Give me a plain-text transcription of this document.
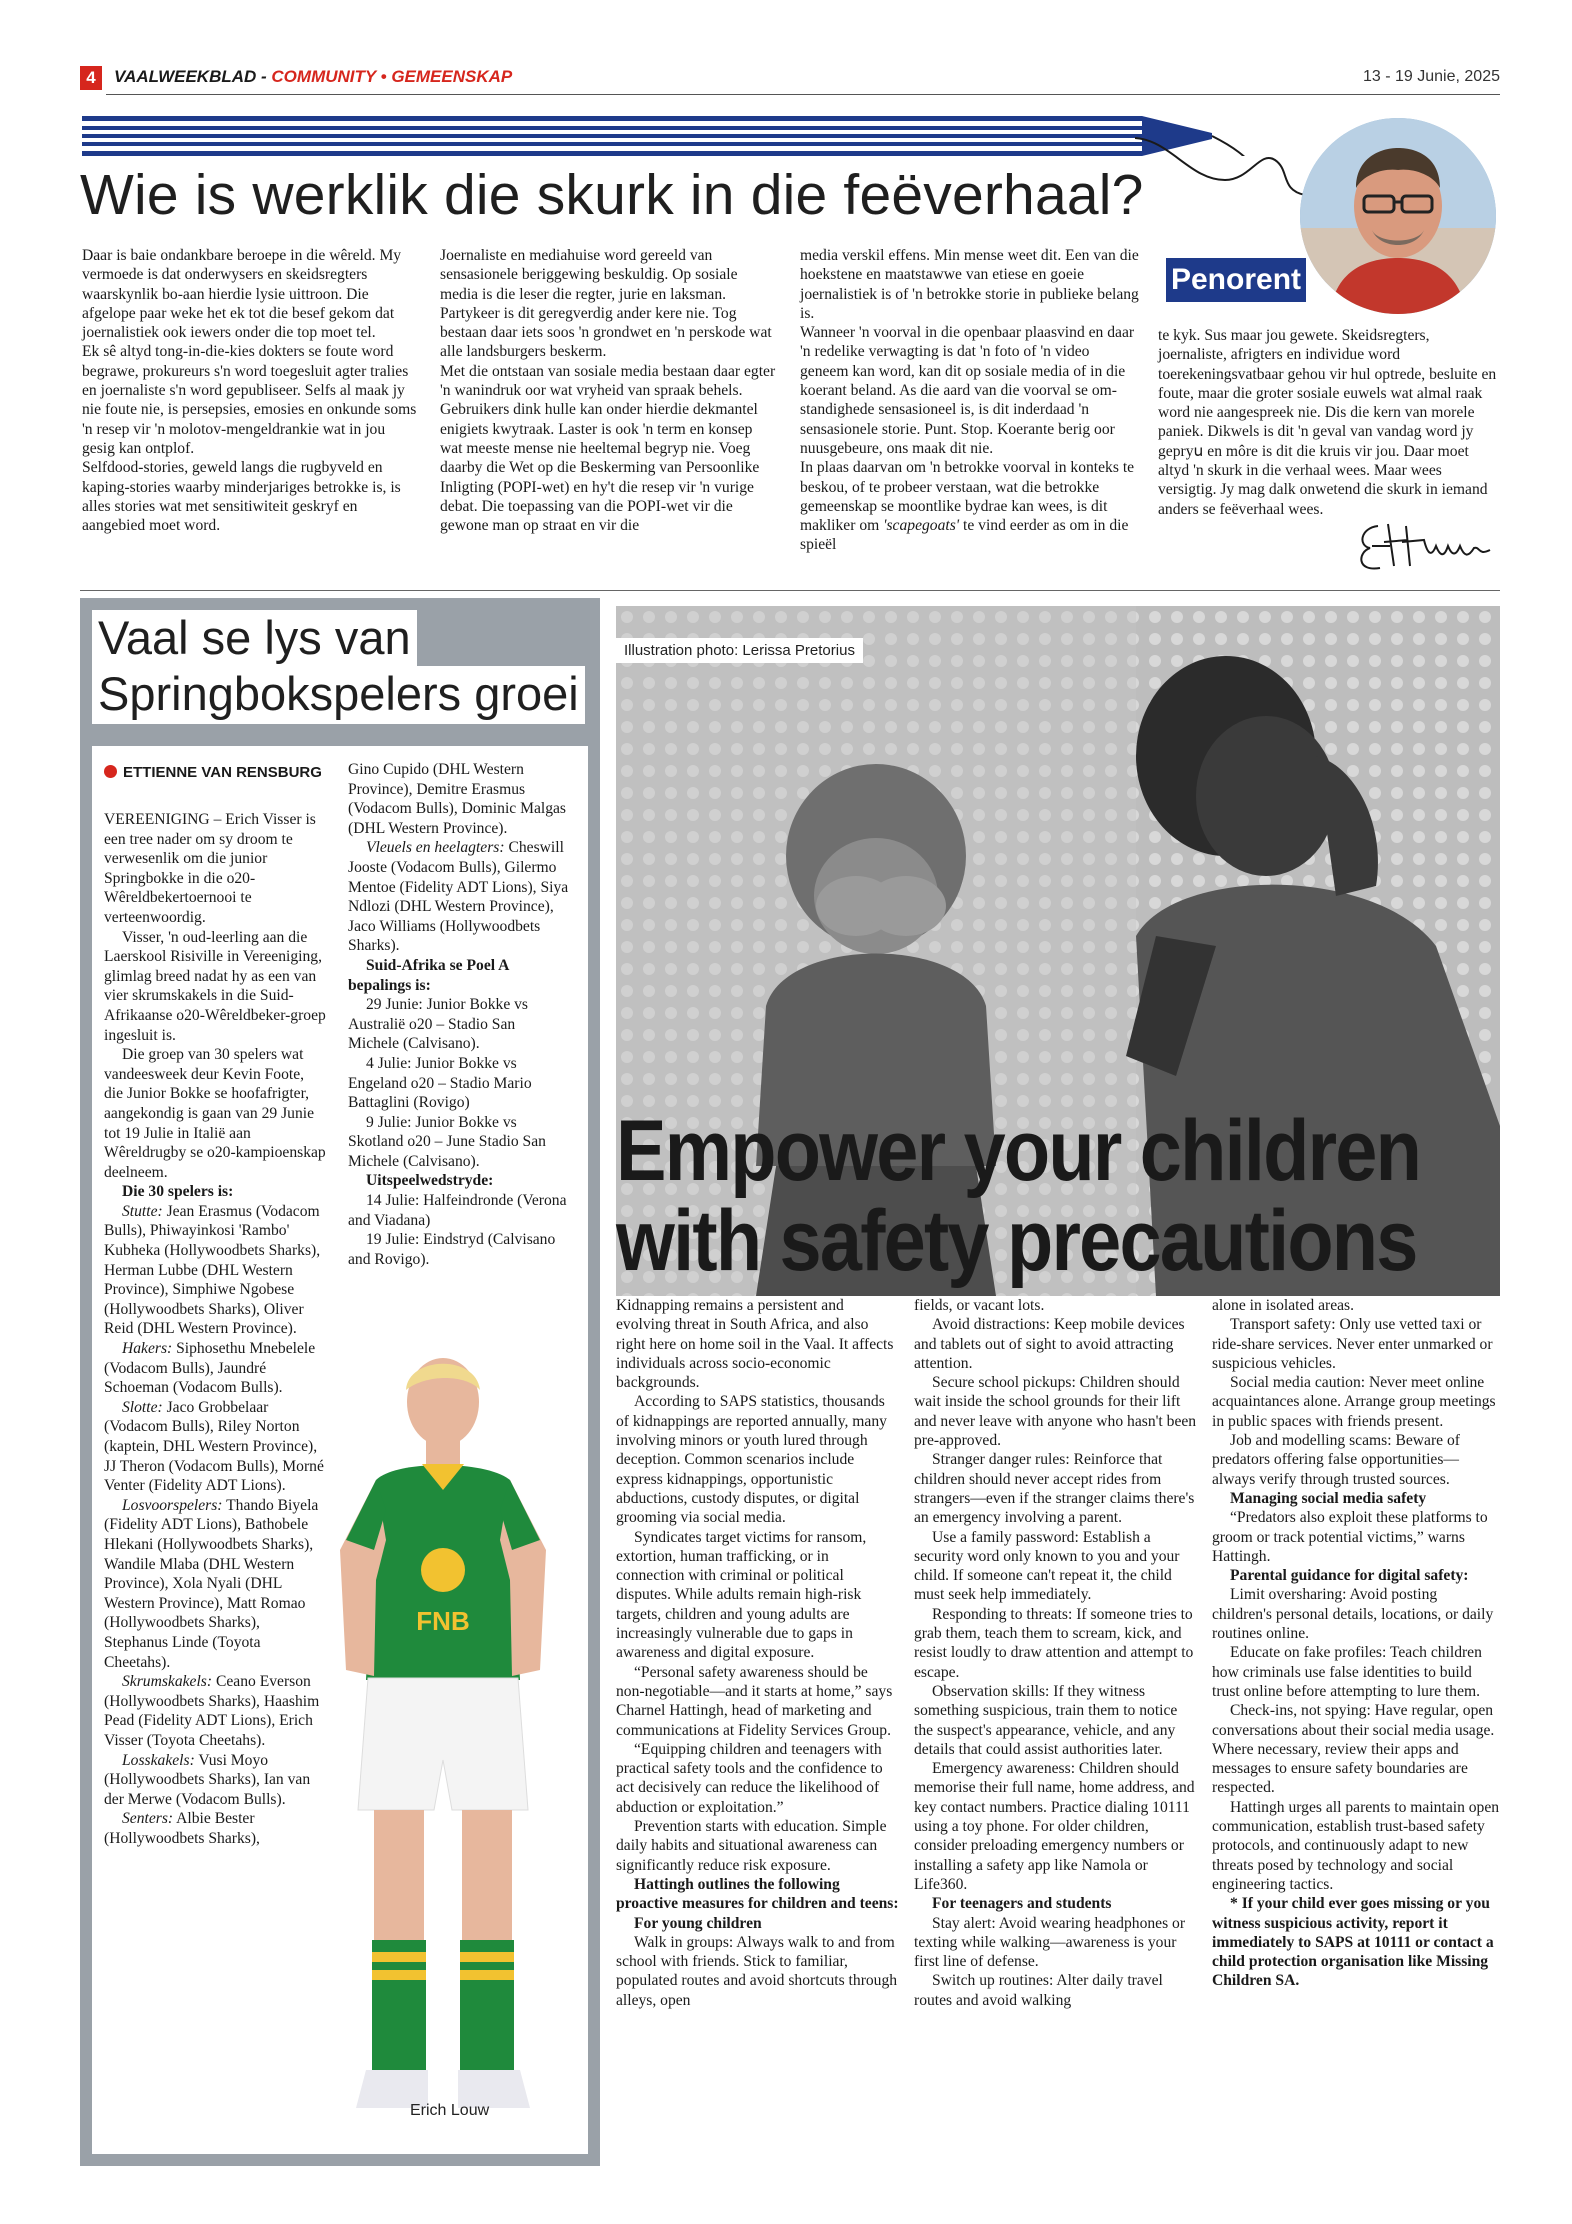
4	VAALWEEKBLAD - COMMUNITY • GEMEENSKAP	13 - 19 Junie, 2025
Penorent
Wie is werklik die skurk in die feëverhaal?

Daar is baie ondankbare beroepe in die wêreld. My vermoede is dat onderwysers en skeidsregters waarskynlik bo-aan hierdie lysie uittroon. Die afgelope paar weke het ek tot die besef gekom dat joernalistiek ook iewers onder die top moet tel.

Ek sê altyd tong-in-die-kies dokters se foute word begrawe, prokureurs s'n word toegesluit agter tralies en joernaliste s'n word gepubliseer. Selfs al maak jy nie foute nie, is persepsies, emosies en onkunde soms 'n resep vir 'n molotov-mengeldrankie wat in jou gesig kan ontplof.

Selfdood-stories, geweld langs die rugbyveld en kaping-stories waarby minderjariges betrokke is, is alles stories wat met sensitiwiteit geskryf en aangebied moet word.

Joernaliste en mediahuise word gereeld van sensasionele beriggewing beskuldig. Op sosiale media is die leser die regter, jurie en laksman. Partykeer is dit geregverdig ander kere nie. Tog bestaan daar iets soos 'n grondwet en 'n perskode wat alle landsburgers beskerm.

Met die ontstaan van sosiale media bestaan daar egter 'n wanindruk oor wat vryheid van spraak behels. Gebruikers dink hulle kan onder hierdie dekmantel enigiets kwytraak. Laster is ook 'n term en konsep wat meeste mense nie heeltemal begryp nie. Voeg daarby die Wet op die Beskerming van Persoonlike Inligting (POPI-wet) en hy't die resep vir 'n vurige debat. Die toepassing van die POPI-wet vir die gewone man op straat en vir die

media verskil effens. Min mense weet dit. Een van die hoekstene en maatstawwe van etiese en goeie joernalistiek is of 'n betrokke storie in publieke belang is.

Wanneer 'n voorval in die openbaar plaasvind en daar 'n redelike verwagting is dat 'n foto of 'n video geneem kan word, kan dit op sosiale media of in die koerant beland. As die aard van die voorval se om-standighede sensasioneel is, is dit inderdaad 'n sensasionele storie. Punt. Stop. Koerante berig oor nuusgebeure, ons maak dit nie.

In plaas daarvan om 'n betrokke voorval in konteks te beskou, of te probeer verstaan, wat die betrokke gemeenskap se moontlike bydrae kan wees, is dit makliker om 'scapegoats' te vind eerder as om in die spieël

te kyk. Sus maar jou gewete. Skeidsregters, joernaliste, afrigters en individue word toerekeningsvatbaar gehou vir hul optrede, besluite en foute, maar die groter sosiale euwels wat almal raak word nie aangespreek nie. Dis die kern van morele paniek. Dikwels is dit 'n geval van vandag word jy gepryս en môre is dit die kruis vir jou. Daar moet altyd 'n skurk in die verhaal wees. Maar wees versigtig. Jy mag dalk onwetend die skurk in iemand anders se feëverhaal wees.

Vaal se lys van
Springbokspelers groei
ETTIENNE VAN RENSBURG

VEREENIGING – Erich Visser is een tree nader om sy droom te verwesenlik om die junior Springbokke in die o20-Wêreldbekertoernooi te verteenwoordig.

Visser, 'n oud-leerling aan die Laerskool Risiville in Vereeniging, glimlag breed nadat hy as een van vier skrumskakels in die Suid-Afrikaanse o20-Wêreldbeker-groep ingesluit is.

Die groep van 30 spelers wat vandeesweek deur Kevin Foote, die Junior Bokke se hoofafrigter, aangekondig is gaan van 29 Junie tot 19 Julie in Italië aan Wêreldrugby se o20-kampioenskap deelneem.

Die 30 spelers is:

Stutte: Jean Erasmus (Vodacom Bulls), Phiwayinkosi 'Rambo' Kubheka (Hollywoodbets Sharks), Herman Lubbe (DHL Western Province), Simphiwe Ngobese (Hollywoodbets Sharks), Oliver Reid (DHL Western Province).

Hakers: Siphosethu Mnebelele (Vodacom Bulls), Jaundré Schoeman (Vodacom Bulls).

Slotte: Jaco Grobbelaar (Vodacom Bulls), Riley Norton (kaptein, DHL Western Province), JJ Theron (Vodacom Bulls), Morné Venter (Fidelity ADT Lions).

Losvoorspelers: Thando Biyela (Fidelity ADT Lions), Bathobele Hlekani (Hollywoodbets Sharks), Wandile Mlaba (DHL Western Province), Xola Nyali (DHL Western Province), Matt Romao (Hollywoodbets Sharks), Stephanus Linde (Toyota Cheetahs).

Skrumskakels: Ceano Everson (Hollywoodbets Sharks), Haashim Pead (Fidelity ADT Lions), Erich Visser (Toyota Cheetahs).

Losskakels: Vusi Moyo (Hollywoodbets Sharks), Ian van der Merwe (Vodacom Bulls).

Senters: Albie Bester (Hollywoodbets Sharks),

Gino Cupido (DHL Western Province), Demitre Erasmus (Vodacom Bulls), Dominic Malgas (DHL Western Province).

Vleuels en heelagters: Cheswill Jooste (Vodacom Bulls), Gilermo Mentoe (Fidelity ADT Lions), Siya Ndlozi (DHL Western Province), Jaco Williams (Hollywoodbets Sharks).

Suid-Afrika se Poel A bepalings is:

29 Junie: Junior Bokke vs Australië o20 – Stadio San Michele (Calvisano).

4 Julie: Junior Bokke vs Engeland o20 – Stadio Mario Battaglini (Rovigo)

9 Julie: Junior Bokke vs Skotland o20 – June Stadio San Michele (Calvisano).

Uitspeelwedstryde:

14 Julie: Halfeindronde (Verona and Viadana)

19 Julie: Eindstryd (Calvisano and Rovigo).

FNB
Erich Louw
Illustration photo: Lerissa Pretorius
Empower your children
with safety precautions

Kidnapping remains a persistent and evolving threat in South Africa, and also right here on home soil in the Vaal. It affects individuals across socio-economic backgrounds.

According to SAPS statistics, thousands of kidnappings are reported annually, many involving minors or youth lured through deception. Common scenarios include express kidnappings, opportunistic abductions, custody disputes, or digital grooming via social media.

Syndicates target victims for ransom, extortion, human trafficking, or in connection with criminal or political disputes. While adults remain high-risk targets, children and young adults are increasingly vulnerable due to gaps in awareness and digital exposure.

“Personal safety awareness should be non-negotiable—and it starts at home,” says Charnel Hattingh, head of marketing and communications at Fidelity Services Group.

“Equipping children and teenagers with practical safety tools and the confidence to act decisively can reduce the likelihood of abduction or exploitation.”

Prevention starts with education. Simple daily habits and situational awareness can significantly reduce risk exposure.

Hattingh outlines the following proactive measures for children and teens:

For young children

Walk in groups: Always walk to and from school with friends. Stick to familiar, populated routes and avoid shortcuts through alleys, open

fields, or vacant lots.

Avoid distractions: Keep mobile devices and tablets out of sight to avoid attracting attention.

Secure school pickups: Children should wait inside the school grounds for their lift and never leave with anyone who hasn't been pre-approved.

Stranger danger rules: Reinforce that children should never accept rides from strangers—even if the stranger claims there's an emergency involving a parent.

Use a family password: Establish a security word only known to you and your child. If someone can't repeat it, the child must seek help immediately.

Responding to threats: If someone tries to grab them, teach them to scream, kick, and resist loudly to draw attention and attempt to escape.

Observation skills: If they witness something suspicious, train them to notice the suspect's appearance, vehicle, and any details that could assist authorities later.

Emergency awareness: Children should memorise their full name, home address, and key contact numbers. Practice dialing 10111 using a toy phone. For older children, consider preloading emergency numbers or installing a safety app like Namola or Life360.

For teenagers and students

Stay alert: Avoid wearing headphones or texting while walking—awareness is your first line of defense.

Switch up routines: Alter daily travel routes and avoid walking

alone in isolated areas.

Transport safety: Only use vetted taxi or ride-share services. Never enter unmarked or suspicious vehicles.

Social media caution: Never meet online acquaintances alone. Arrange group meetings in public spaces with friends present.

Job and modelling scams: Beware of predators offering false opportunities—always verify through trusted sources.

Managing social media safety

“Predators also exploit these platforms to groom or track potential victims,” warns Hattingh.

Parental guidance for digital safety:

Limit oversharing: Avoid posting children's personal details, locations, or daily routines online.

Educate on fake profiles: Teach children how criminals use false identities to build trust online before attempting to lure them.

Check-ins, not spying: Have regular, open conversations about their social media usage. Where necessary, review their apps and messages to ensure safety boundaries are respected.

Hattingh urges all parents to maintain open communication, establish trust-based safety protocols, and continuously adapt to new threats posed by technology and social engineering tactics.

* If your child ever goes missing or you witness suspicious activity, report it immediately to SAPS at 10111 or contact a child protection organisation like Missing Children SA.
